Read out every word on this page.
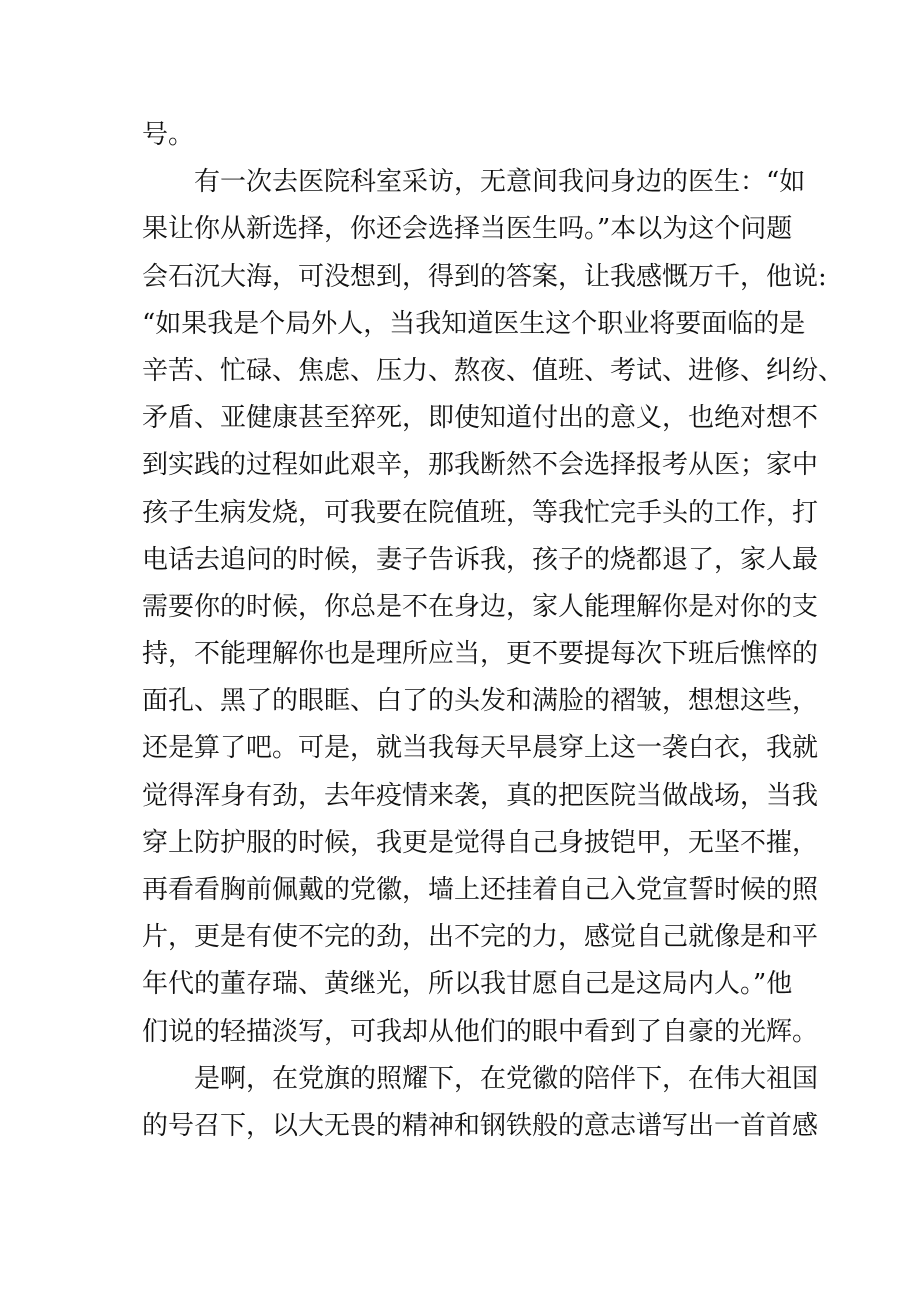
号。
有一次去医院科室采访，无意间我问身边的医生：“如
果让你从新选择，你还会选择当医生吗。”本以为这个问题
会石沉大海，可没想到，得到的答案，让我感慨万千，他说:
“如果我是个局外人，当我知道医生这个职业将要面临的是
辛苦、忙碌、焦虑、压力、熬夜、值班、考试、进修、纠纷、
矛盾、亚健康甚至猝死，即使知道付出的意义，也绝对想不
到实践的过程如此艰辛，那我断然不会选择报考从医；家中
孩子生病发烧，可我要在院值班，等我忙完手头的工作，打
电话去追问的时候，妻子告诉我，孩子的烧都退了，家人最
需要你的时候，你总是不在身边，家人能理解你是对你的支
持，不能理解你也是理所应当，更不要提每次下班后憔悴的
面孔、黑了的眼眶、白了的头发和满脸的褶皱，想想这些，
还是算了吧。可是，就当我每天早晨穿上这一袭白衣，我就
觉得浑身有劲，去年疫情来袭，真的把医院当做战场，当我
穿上防护服的时候，我更是觉得自己身披铠甲，无坚不摧，
再看看胸前佩戴的党徽，墙上还挂着自己入党宣誓时候的照
片，更是有使不完的劲，出不完的力，感觉自己就像是和平
年代的董存瑞、黄继光，所以我甘愿自己是这局内人。”他
们说的轻描淡写，可我却从他们的眼中看到了自豪的光辉。
是啊，在党旗的照耀下，在党徽的陪伴下，在伟大祖国
的号召下，以大无畏的精神和钢铁般的意志谱写出一首首感
